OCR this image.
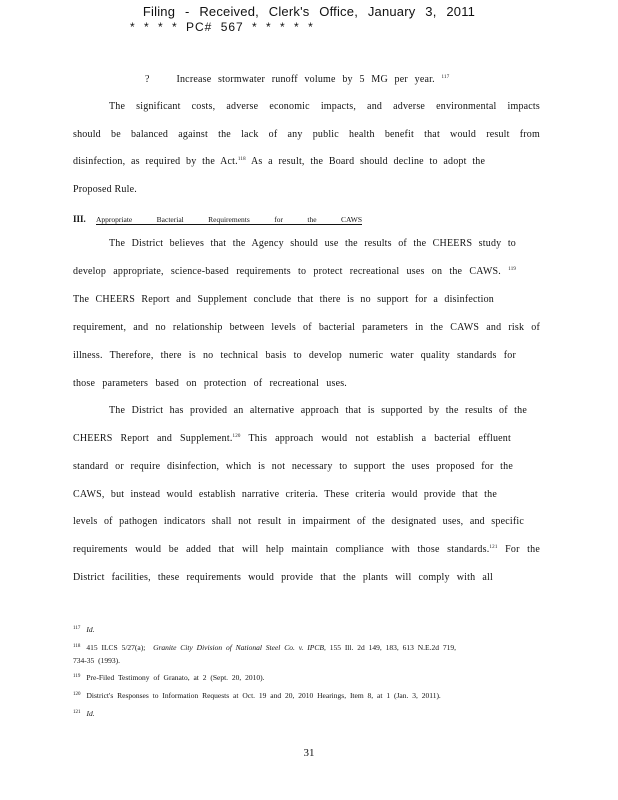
Filing - Received, Clerk's Office, January 3, 2011
* * * * PC# 567 * * * * *
?	Increase stormwater runoff volume by 5 MG per year. $^{117}$
The significant costs, adverse economic impacts, and adverse environmental impacts
should be balanced against the lack of any public health benefit that would result from
disinfection, as required by the Act.$^{118}$ As a result, the Board should decline to adopt the
Proposed Rule.
The District believes that the Agency should use the results of the CHEERS study to
develop appropriate, science-based requirements to protect recreational uses on the CAWS. $^{119}$
The CHEERS Report and Supplement conclude that there is no support for a disinfection
requirement, and no relationship between levels of bacterial parameters in the CAWS and risk of
illness. Therefore, there is no technical basis to develop numeric water quality standards for
those parameters based on protection of recreational uses.
The District has provided an alternative approach that is supported by the results of the
CHEERS Report and Supplement.$^{120}$ This approach would not establish a bacterial effluent
standard or require disinfection, which is not necessary to support the uses proposed for the
CAWS, but instead would establish narrative criteria. These criteria would provide that the
levels of pathogen indicators shall not result in impairment of the designated uses, and specific
requirements would be added that will help maintain compliance with those standards.$^{121}$ For the
District facilities, these requirements would provide that the plants will comply with all
III. Appropriate Bacterial Requirements for the CAWS
$^{117}$ Id.
$^{118}$ 415 ILCS 5/27(a); Granite City Division of National Steel Co. v. IPCB, 155 Ill. 2d 149, 183, 613 N.E.2d 719,
734-35 (1993).
$^{119}$ Pre-Filed Testimony of Granato, at 2 (Sept. 20, 2010).
$^{120}$ District's Responses to Information Requests at Oct. 19 and 20, 2010 Hearings, Item 8, at 1 (Jan. 3, 2011).
$^{121}$ Id.
31
